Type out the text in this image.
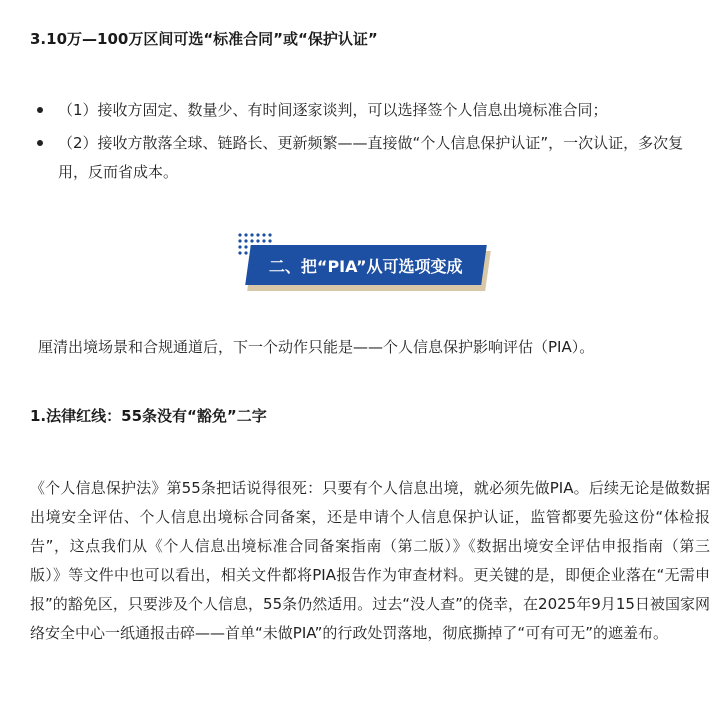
3.10万—100万区间可选“标准合同”或“保护认证”
（1）接收方固定、数量少、有时间逐家谈判，可以选择签个人信息出境标准合同；
（2）接收方散落全球、链路长、更新频繁——直接做“个人信息保护认证”，一次认证，多次复用，反而省成本。
二、把“PIA”从可选项变成
厘清出境场景和合规通道后，下一个动作只能是——个人信息保护影响评估（PIA）。
1.法律红线：55条没有“豁免”二字

《个人信息保护法》第55条把话说得很死：只要有个人信息出境，就必须先做PIA。后续无论是做数据出境安全评估、个人信息出境标合同备案，还是申请个人信息保护认证，监管都要先验这份“体检报告”，这点我们从《个人信息出境标准合同备案指南（第二版）》《数据出境安全评估申报指南（第三版）》等文件中也可以看出，相关文件都将PIA报告作为审查材料。更关键的是，即便企业落在“无需申报”的豁免区，只要涉及个人信息，55条仍然适用。过去“没人查”的侥幸，在2025年9月15日被国家网络安全中心一纸通报击碎——首单“未做PIA”的行政处罚落地，彻底撕掉了“可有可无”的遮羞布。
